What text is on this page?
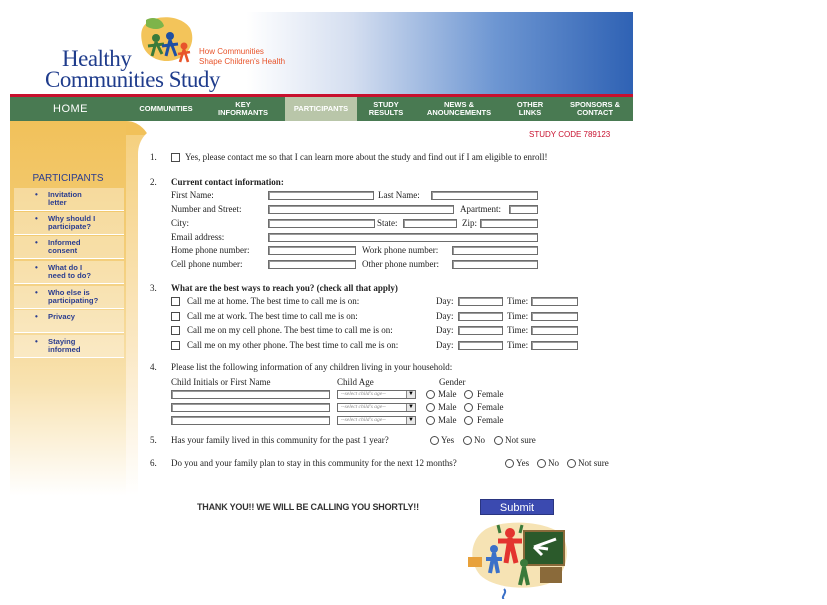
Healthy
Communities Study
How Communities
Shape Children's Health
HOME	COMMUNITIES	KEY
INFORMANTS	PARTICIPANTS	STUDY
RESULTS
NEWS &
ANOUNCEMENTS
OTHER
LINKS
SPONSORS &
CONTACT
PARTICIPANTS
• Invitation
letter
• Why should I
participate?
• Informed
consent
• What do I
need to do?
• Who else is
participating?
• Privacy
• Staying
informed
STUDY CODE 789123
1.	Yes, please contact me so that I can learn more about the study and find out if I am eligible to enroll!
2. Current contact information:
First Name:	Last Name:
Number and Street:	Apartment:
City:	State:	Zip:
Email address:
Home phone number:	Work phone number:
Cell phone number:	Other phone number:
3. What are the best ways to reach you? (check all that apply)
Call me at home. The best time to call me is on:	Day:	Time:
Call me at work. The best time to call me is on:	Day:	Time:
Call me on my cell phone. The best time to call me is on:	Day:	Time:
Call me on my other phone. The best time to call me is on:	Day:	Time:
4. Please list the following information of any children living in your household:
Child Initials or First Name	Child Age	Gender
--select child's age--	▼	Male Female
--select child's age--	▼	Male Female
--select child's age--	▼	Male Female
5. Has your family lived in this community for the past 1 year?	Yes No Not sure
6. Do you and your family plan to stay in this community for the next 12 months?	Yes No Not sure
THANK YOU!! WE WILL BE CALLING YOU SHORTLY!!	Submit
